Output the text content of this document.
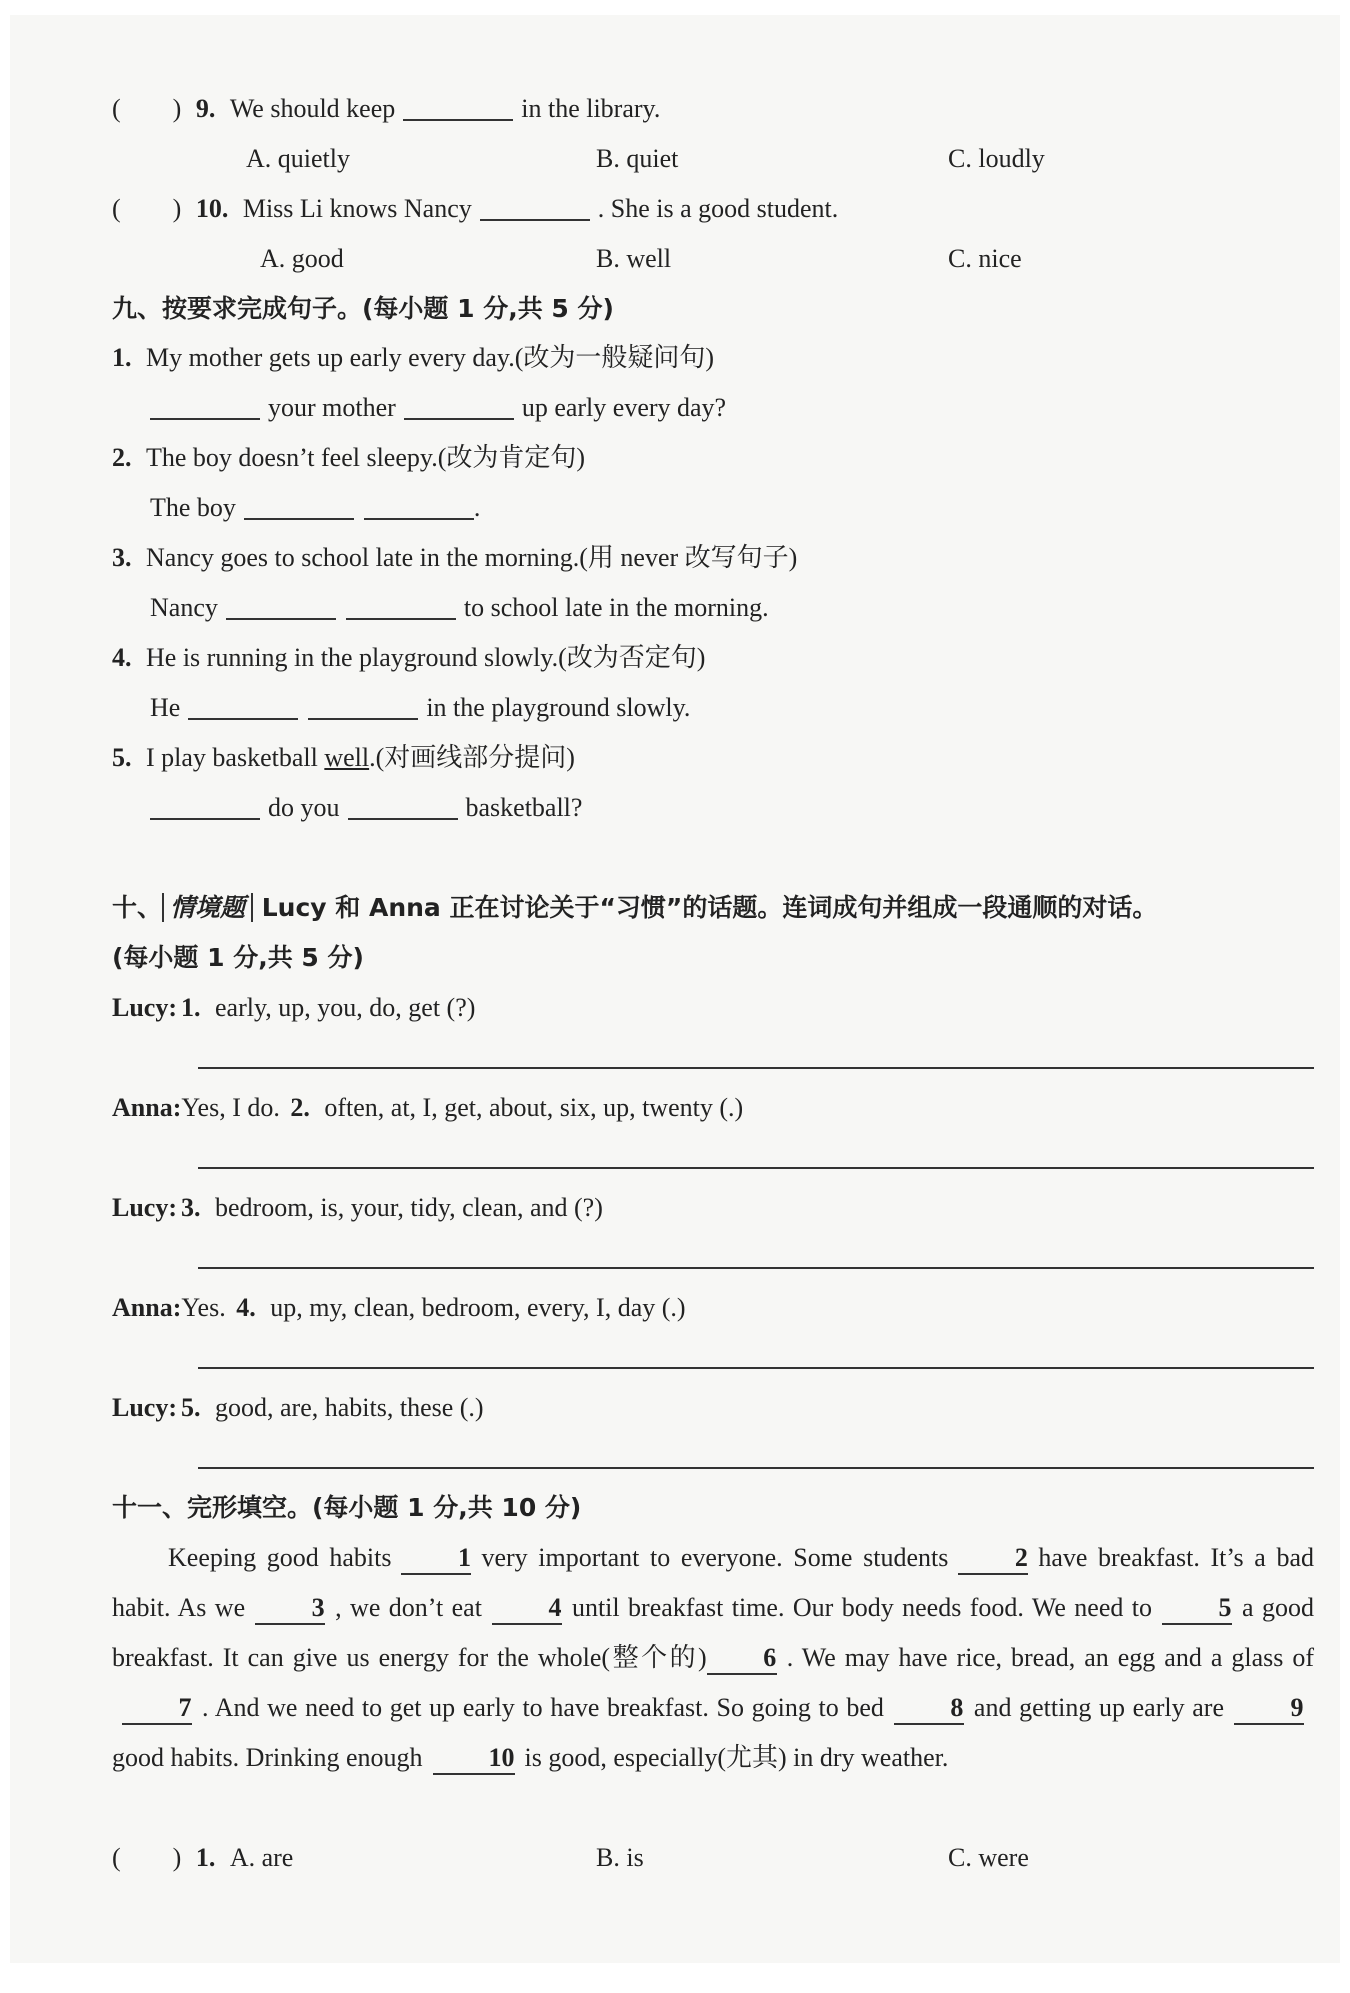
(　　) 9. We should keep	in the library.
A. quietly	B. quiet	C. loudly
(　　) 10. Miss Li knows Nancy	. She is a good student.
A. good	B. well	C. nice
九、按要求完成句子。(每小题 1 分,共 5 分)
1. My mother gets up early every day.(改为一般疑问句)
your mother	up early every day?
2. The boy doesn’t feel sleepy.(改为肯定句)
The boy	.
3. Nancy goes to school late in the morning.(用 never 改写句子)
Nancy	to school late in the morning.
4. He is running in the playground slowly.(改为否定句)
He	in the playground slowly.
5. I play basketball well.(对画线部分提问)
do you	basketball?
十、 情境题 Lucy 和 Anna 正在讨论关于“习惯”的话题。连词成句并组成一段通顺的对话。
(每小题 1 分,共 5 分)
Lucy: 1. early, up, you, do, get (?)
Anna:Yes, I do. 2. often, at, I, get, about, six, up, twenty (.)
Lucy: 3. bedroom, is, your, tidy, clean, and (?)
Anna:Yes. 4. up, my, clean, bedroom, every, I, day (.)
Lucy: 5. good, are, habits, these (.)
十一、完形填空。(每小题 1 分,共 10 分)

Keeping good habits	1 very important to everyone. Some students	2 have breakfast. It’s a bad habit. As we	3 , we don’t eat	4 until breakfast time. Our body needs food. We need to	5 a good breakfast. It can give us energy for the whole(整个的) 6 . We may have rice, bread, an egg and a glass of7 . And we need to get up early to have breakfast. So going to bed	8 and getting up early are	9good habits. Drinking enough	10 is good, especially(尤其) in dry weather.

(　　) 1. A. are	B. is	C. were
